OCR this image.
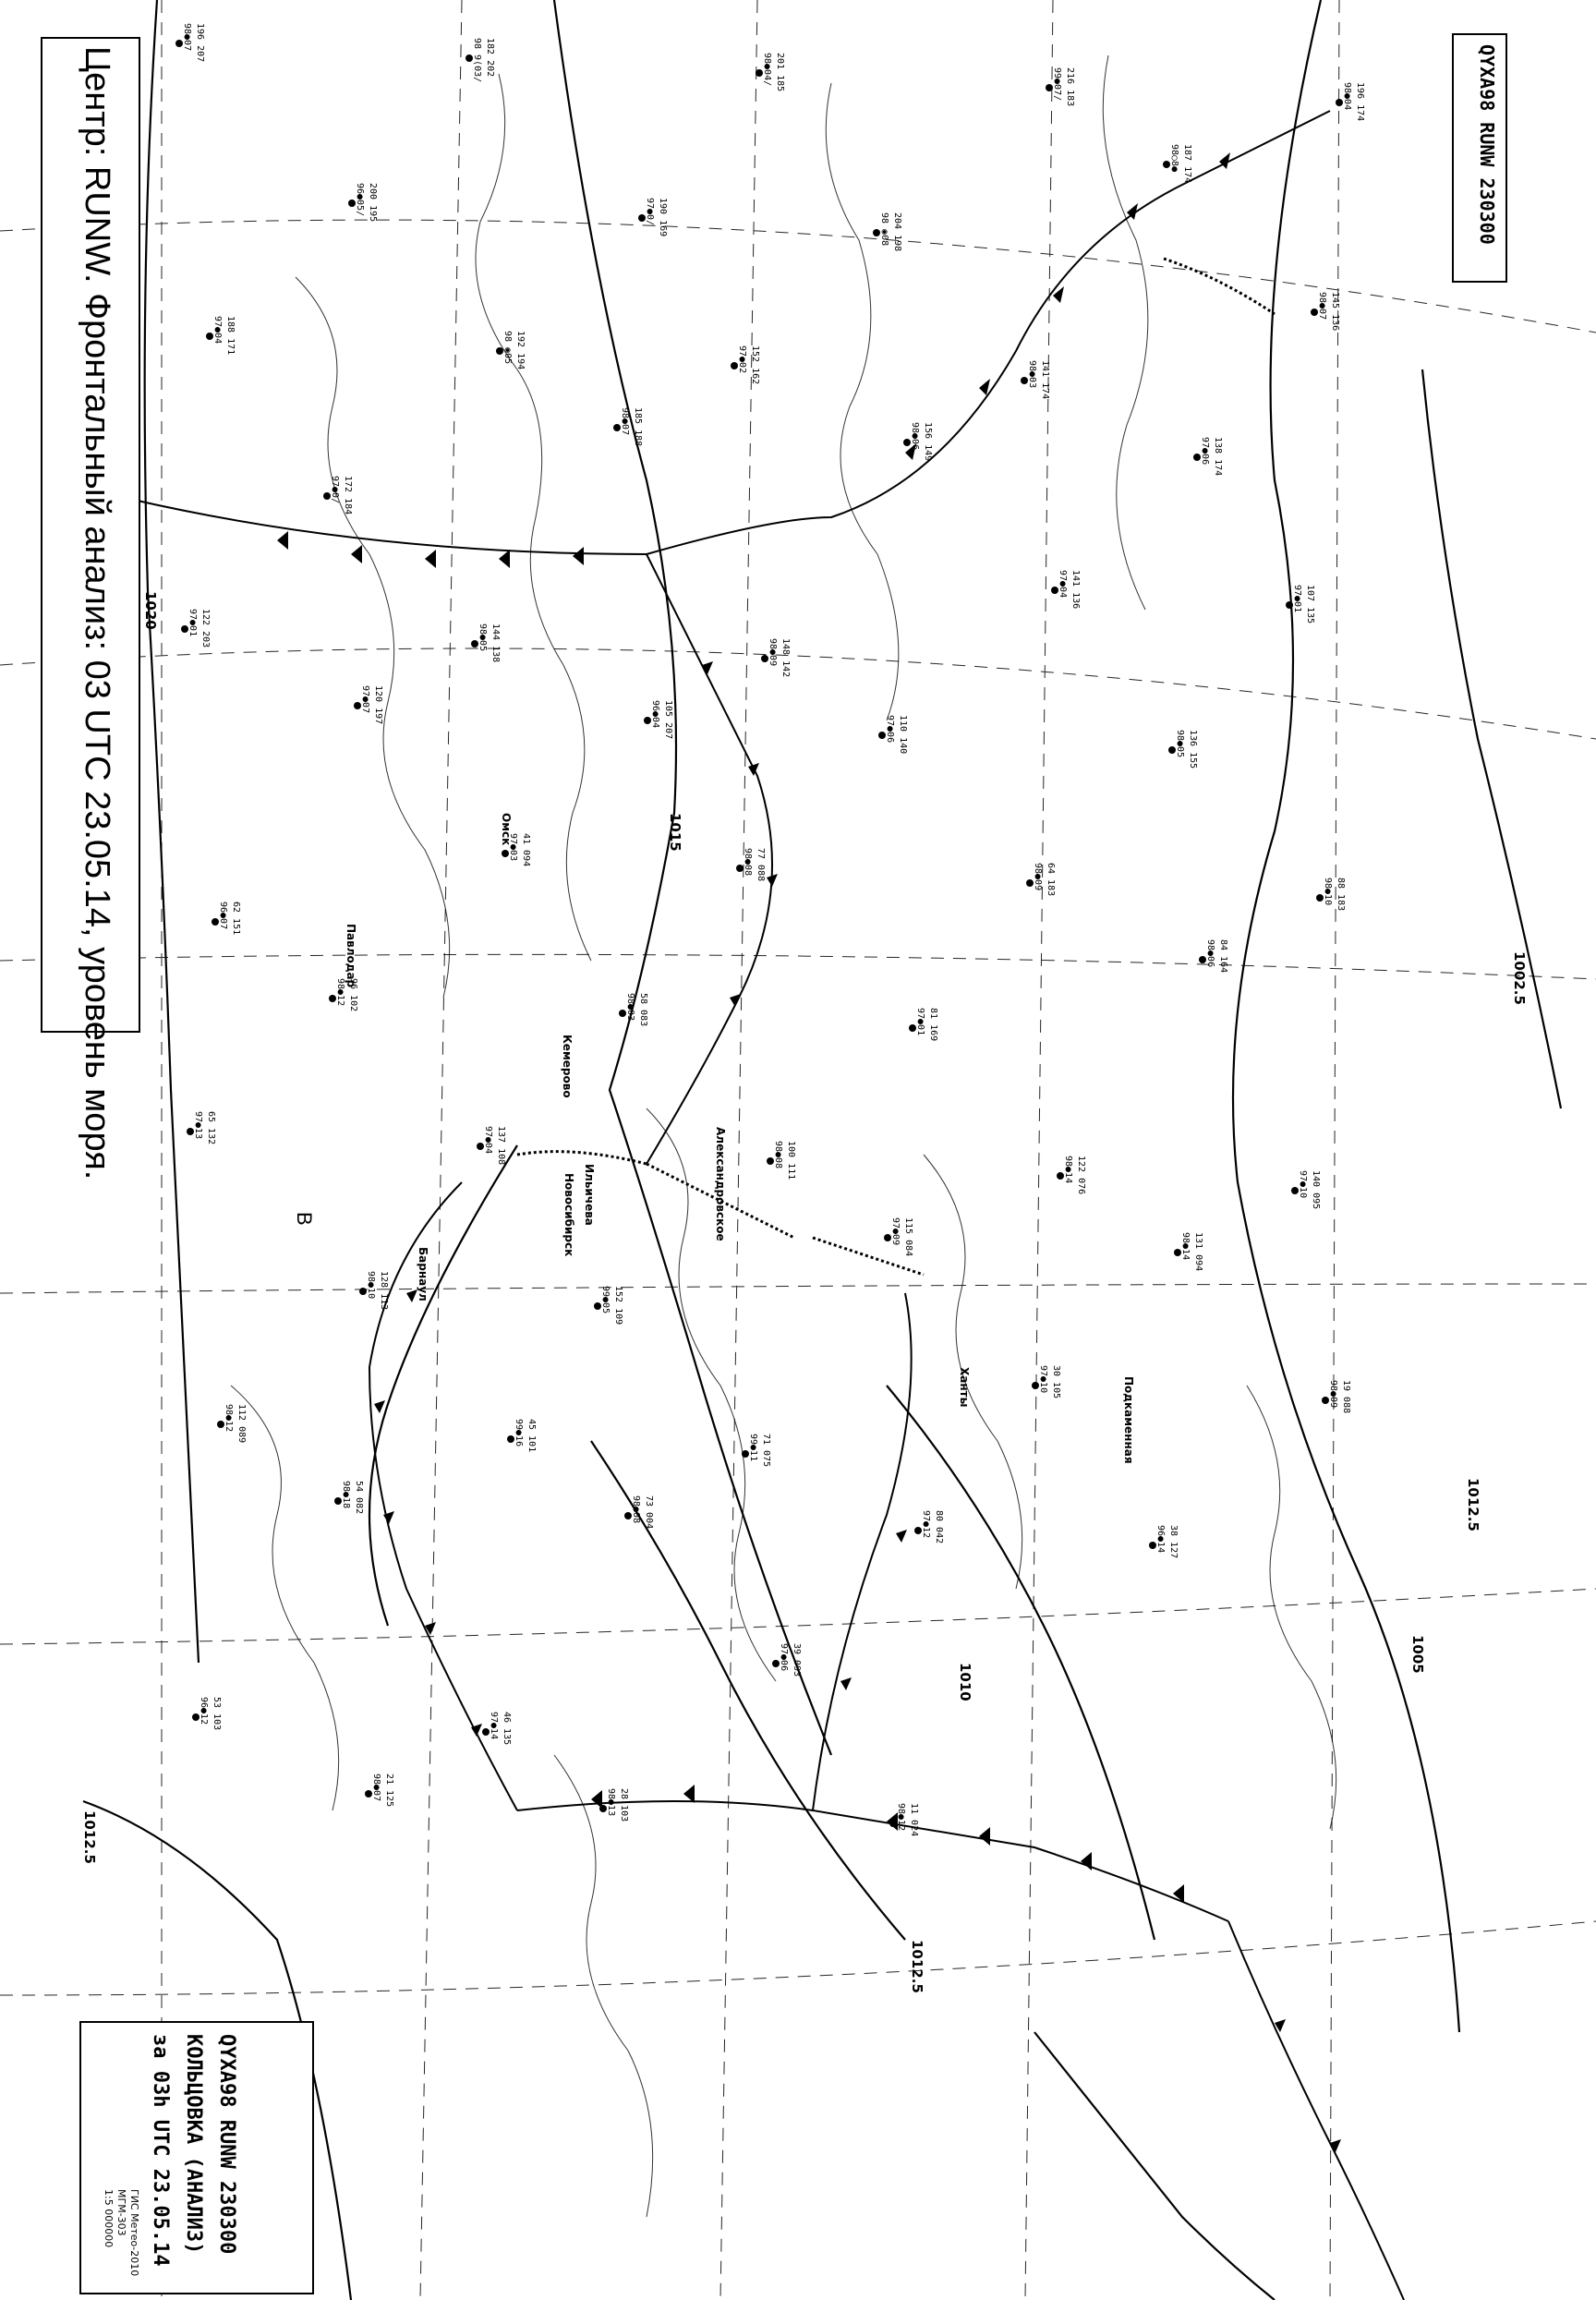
196 207
98●07
200 195
96●05/
182 202
98 9(03/
190 169
97●0/
201 185
98●04/
204 198
98 ◉08
216 183
99●07/
187 174
98○8●
196 174
98●04
188 171
97●04
172 184
97●0/
192 194
98 ◉05
185 188
98●07
152 162
97●02
156 149
98●06
141 174
98●03
138 174
97●06
145 136
98●07
122 203
97●01
120 197
97●07
144 138
98●05
105 207
96●04
148 142
98●09
110 140
97●06
141 136
97●04
136 155
98●05
107 135
97●01
62 151
96●07
96 102
98●12
41 094
97●03
58 083
98●03
77 088
98●08
81 169
97●01
64 183
98●09
84 164
98●06
88 183
98●10
65 132
97●13
128 113
98●10
137 108
97●04
152 109
99●05
100 111
98●08
115 084
97●09
122 076
98●14
131 094
98●14
140 095
97●10
112 089
98●12
54 082
98●18
45 101
99●16
73 004
98●08
71 075
99●11
80 042
97●12
30 105
97●10
38 127
96●14
19 088
98●09
53 103
96●12
21 125
98●07
46 135
97●14
28 103
98●13
39 093
97●06
11 024
98●12
1020
1015
1012.5
1012.5
1010
1005
1002.5
1012.5
Новосибирск
Барнаул
Омск
Кемерово
Павлодар
Александровское
Ильичева
Подкаменная
Ханты
Центр: RUNW. Фронтальный анализ: 03 UTC 23.05.14, уровень моря.	QYXA98 RUNW 230300
В
QYXA98 RUNW 230300
КОЛЬЦОВКА (АНАЛИЗ)
за 03h UTC 23.05.14
ГИС Метео-2010
МГМ-303
1:5 000000
